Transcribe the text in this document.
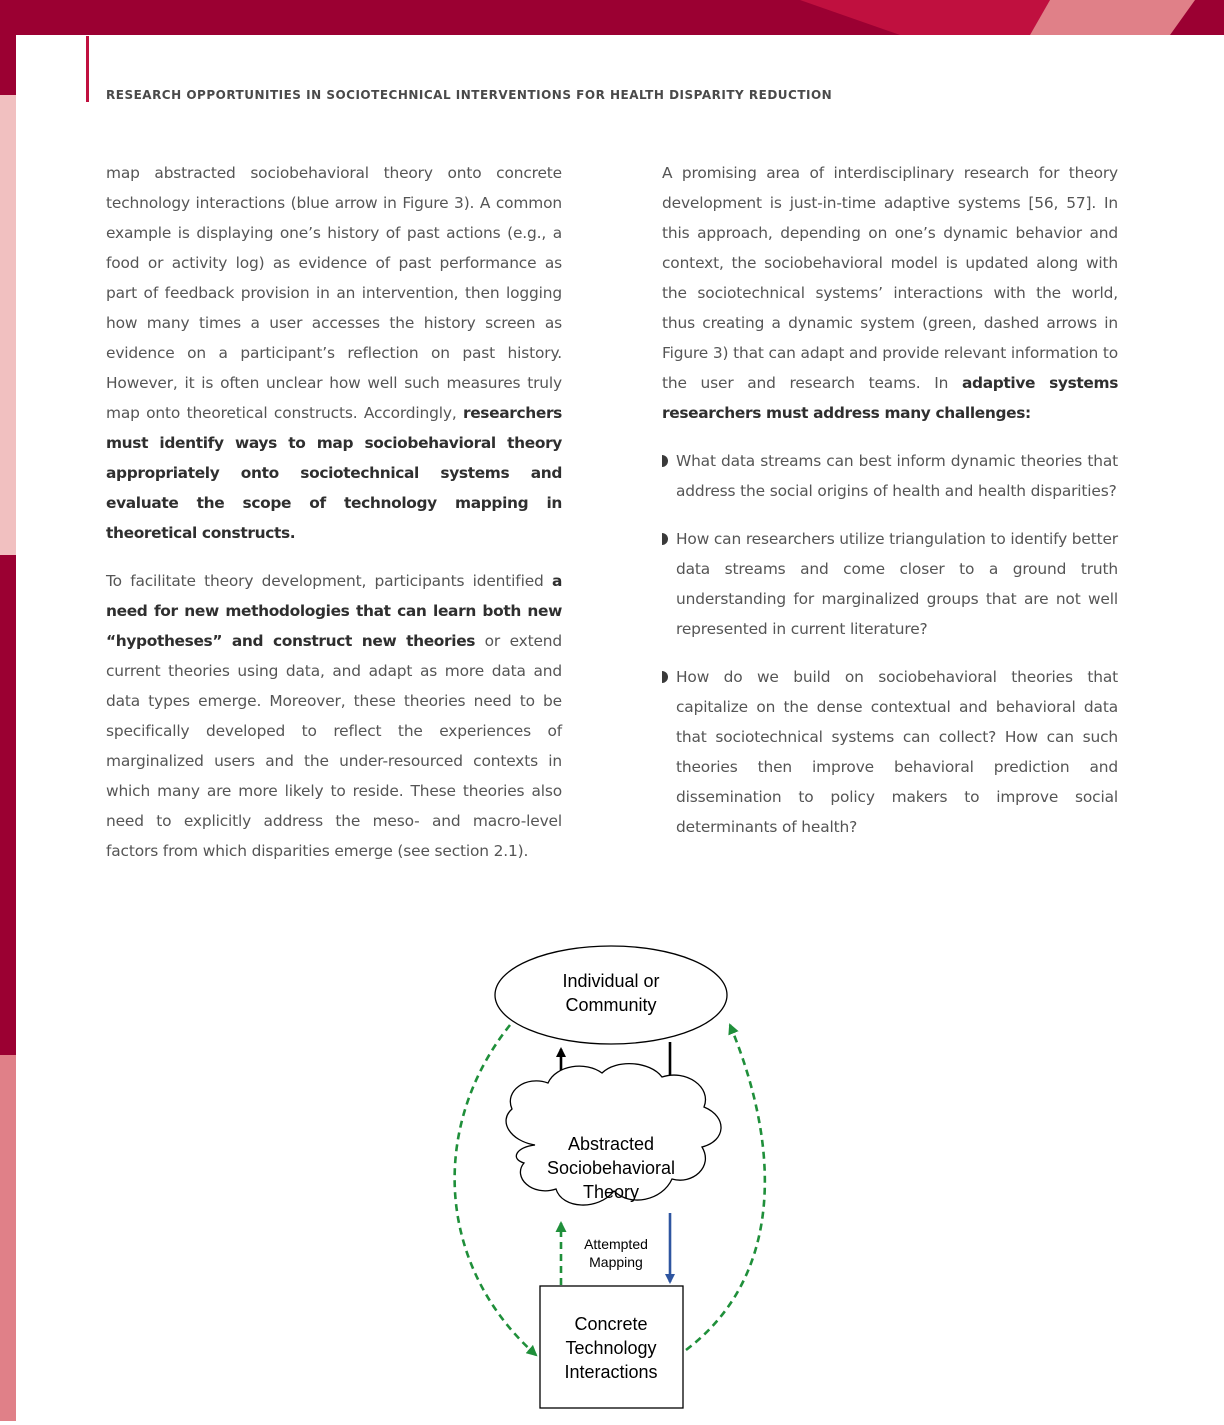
RESEARCH OPPORTUNITIES IN SOCIOTECHNICAL INTERVENTIONS FOR HEALTH DISPARITY REDUCTION

map abstracted sociobehavioral theory onto concrete technology interactions (blue arrow in Figure 3). A common example is displaying one’s history of past actions (e.g., a food or activity log) as evidence of past performance as part of feedback provision in an intervention, then logging how many times a user accesses the history screen as evidence on a participant’s reflection on past history. However, it is often unclear how well such measures truly map onto theoretical constructs. Accordingly, researchers must identify ways to map sociobehavioral theory appropriately onto sociotechnical systems and evaluate the scope of technology mapping in theoretical constructs.

To facilitate theory development, participants identified a need for new methodologies that can learn both new “hypotheses” and construct new theories or extend current theories using data, and adapt as more data and data types emerge. Moreover, these theories need to be specifically developed to reflect the experiences of marginalized users and the under-resourced contexts in which many are more likely to reside. These theories also need to explicitly address the meso- and macro-level factors from which disparities emerge (see section 2.1).

A promising area of interdisciplinary research for theory development is just-in-time adaptive systems [56, 57]. In this approach, depending on one’s dynamic behavior and context, the sociobehavioral model is updated along with the sociotechnical systems’ interactions with the world, thus creating a dynamic system (green, dashed arrows in Figure 3) that can adapt and provide relevant information to the user and research teams. In adaptive systems researchers must address many challenges:

What data streams can best inform dynamic theories that address the social origins of health and health disparities?
How can researchers utilize triangulation to identify better data streams and come closer to a ground truth understanding for marginalized groups that are not well represented in current literature?
How do we build on sociobehavioral theories that capitalize on the dense contextual and behavioral data that sociotechnical systems can collect? How can such theories then improve behavioral prediction and dissemination to policy makers to improve social determinants of health?
Individual or
Community
Abstracted
Sociobehavioral
Theory
Attempted
Mapping
Concrete
Technology
Interactions
